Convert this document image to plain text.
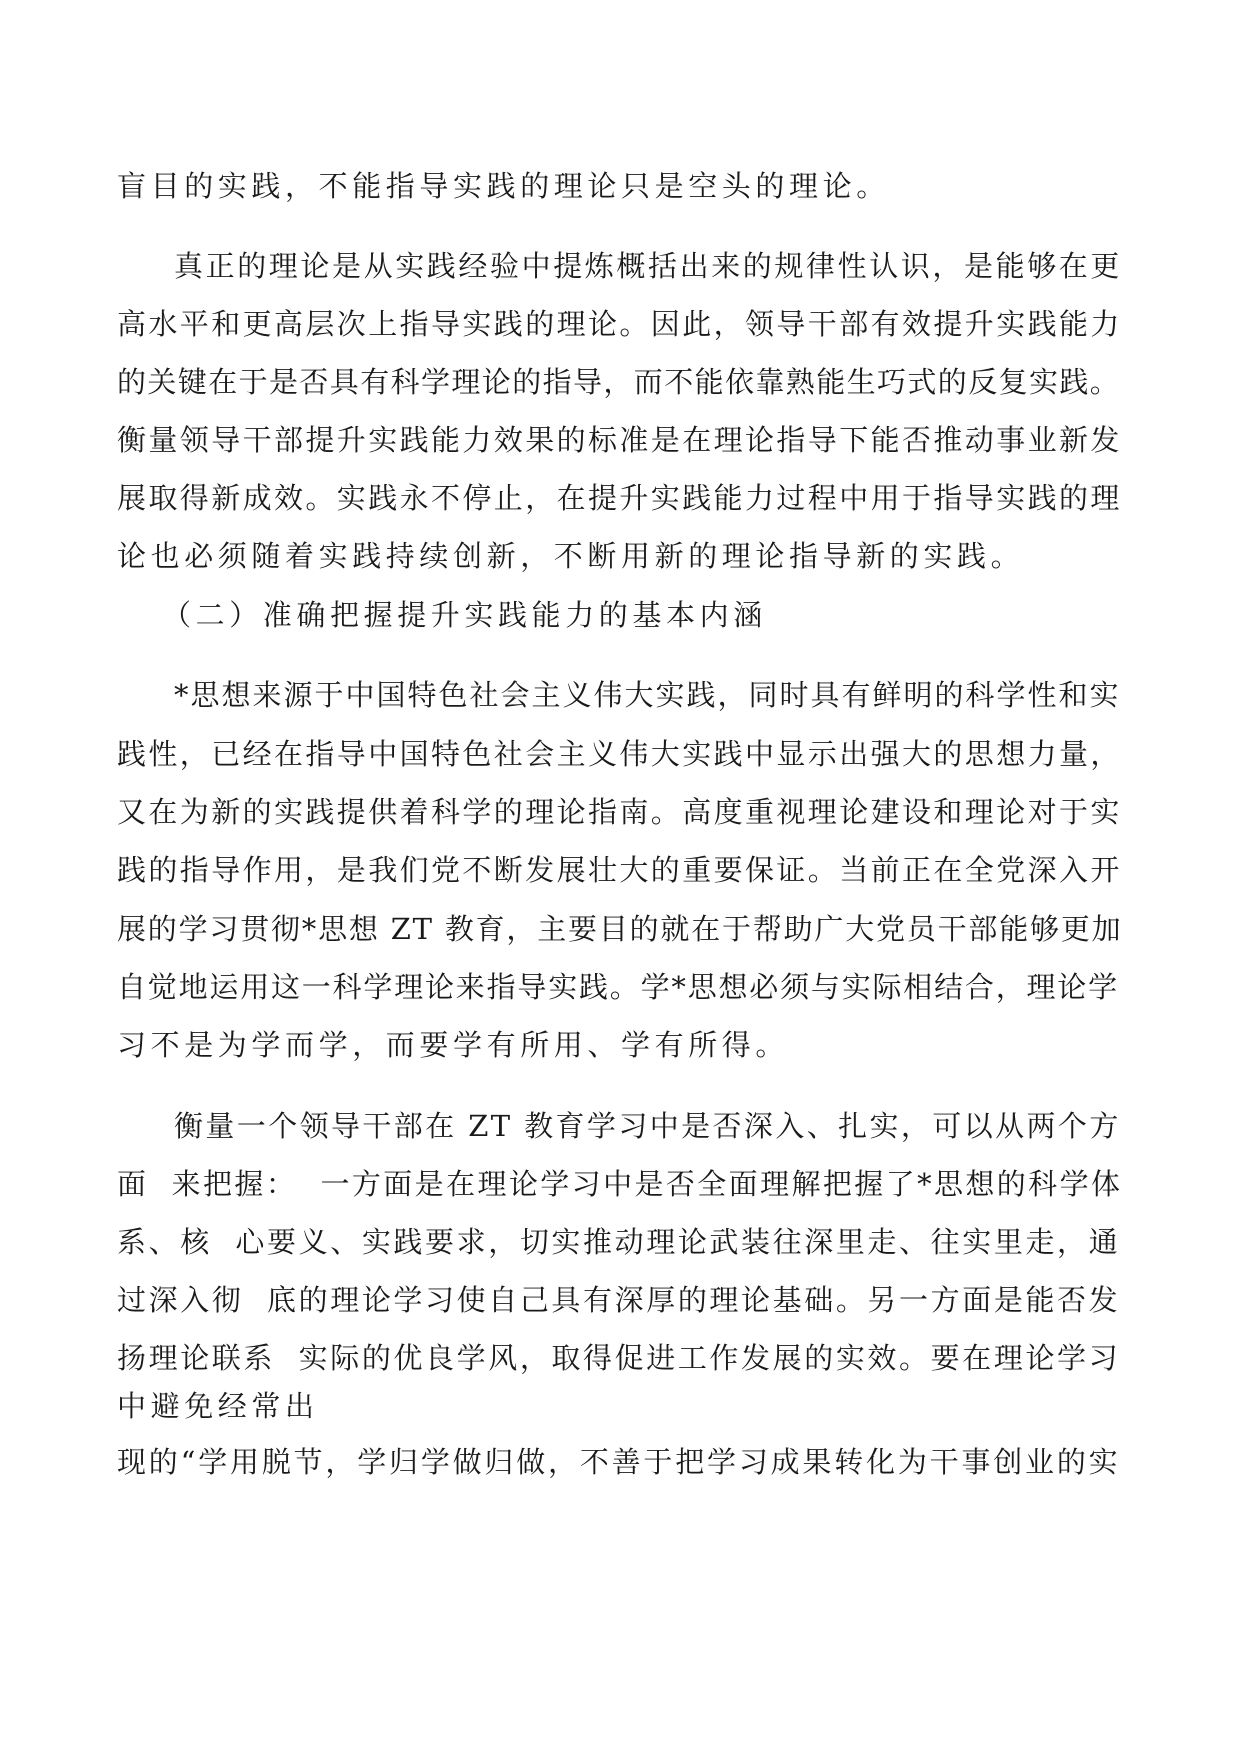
盲目的实践，不能指导实践的理论只是空头的理论。
真正的理论是从实践经验中提炼概括出来的规律性认识，是能够在更
高水平和更高层次上指导实践的理论。因此，领导干部有效提升实践能力
的关键在于是否具有科学理论的指导，而不能依靠熟能生巧式的反复实践。
衡量领导干部提升实践能力效果的标准是在理论指导下能否推动事业新发
展取得新成效。实践永不停止，在提升实践能力过程中用于指导实践的理
论也必须随着实践持续创新，不断用新的理论指导新的实践。
（二）准确把握提升实践能力的基本内涵
*思想来源于中国特色社会主义伟大实践，同时具有鲜明的科学性和实
践性，已经在指导中国特色社会主义伟大实践中显示出强大的思想力量，
又在为新的实践提供着科学的理论指南。高度重视理论建设和理论对于实
践的指导作用，是我们党不断发展壮大的重要保证。当前正在全党深入开
展的学习贯彻*思想 ZT 教育，主要目的就在于帮助广大党员干部能够更加
自觉地运用这一科学理论来指导实践。学*思想必须与实际相结合，理论学
习不是为学而学，而要学有所用、学有所得。
衡量一个领导干部在 ZT 教育学习中是否深入、扎实，可以从两个方
面  来把握：  一方面是在理论学习中是否全面理解把握了*思想的科学体
系、核  心要义、实践要求，切实推动理论武装往深里走、往实里走，通
过深入彻  底的理论学习使自己具有深厚的理论基础。另一方面是能否发
扬理论联系  实际的优良学风，取得促进工作发展的实效。要在理论学习
中避免经常出
现的“学用脱节，学归学做归做，不善于把学习成果转化为干事创业的实
